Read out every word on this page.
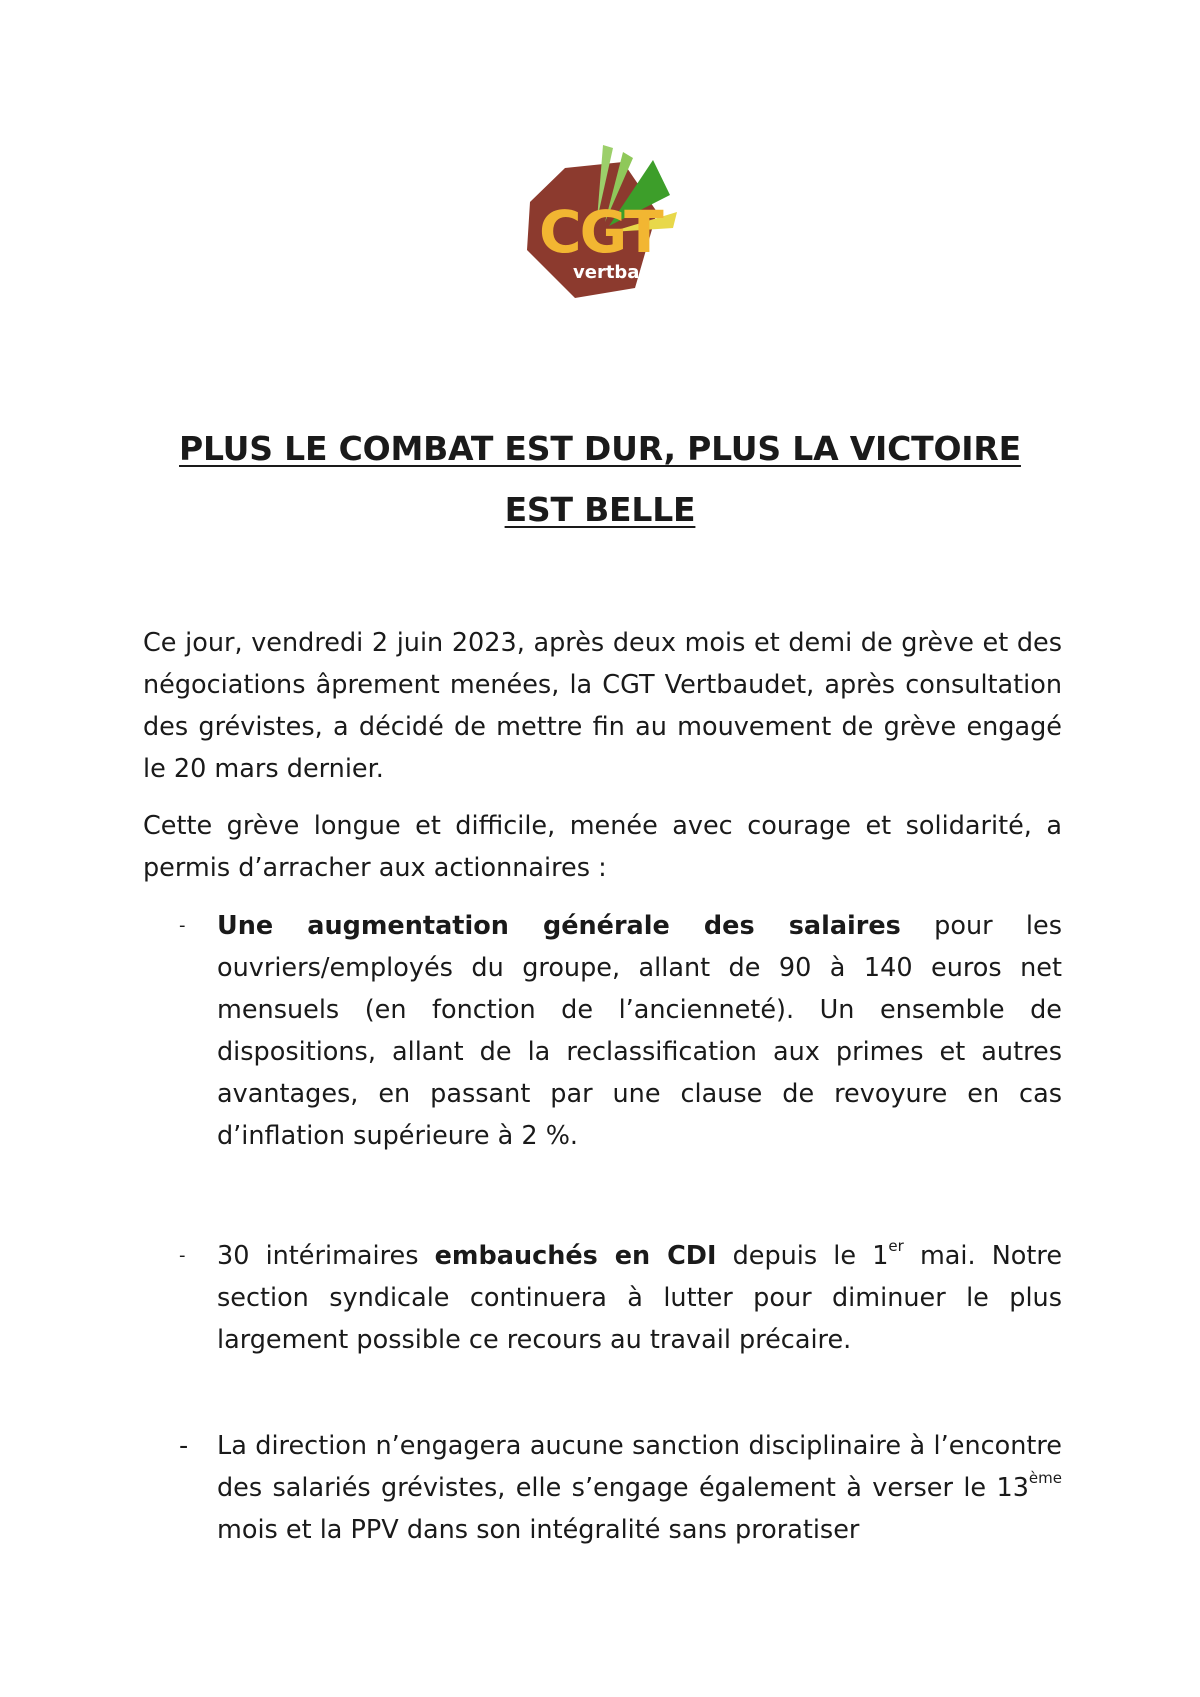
CGT
vertbaudet
PLUS LE COMBAT EST DUR, PLUS LA VICTOIRE EST BELLE

Ce jour, vendredi 2 juin 2023, après deux mois et demi de grève et des négociations âprement menées, la CGT Vertbaudet, après consultation des grévistes, a décidé de mettre fin au mouvement de grève engagé le 20 mars dernier.

Cette grève longue et difficile, menée avec courage et solidarité, a permis d’arracher aux actionnaires :

-	Une augmentation générale des salaires pour les ouvriers/employés du groupe, allant de 90 à 140 euros net mensuels (en fonction de l’ancienneté). Un ensemble de dispositions, allant de la reclassification aux primes et autres avantages, en passant par une clause de revoyure en cas d’inflation supérieure à 2 %.
-	30 intérimaires embauchés en CDI depuis le 1er mai. Notre section syndicale continuera à lutter pour diminuer le plus largement possible ce recours au travail précaire.
-	La direction n’engagera aucune sanction disciplinaire à l’encontre des salariés grévistes, elle s’engage également à verser le 13ème mois et la PPV dans son intégralité sans proratiser
